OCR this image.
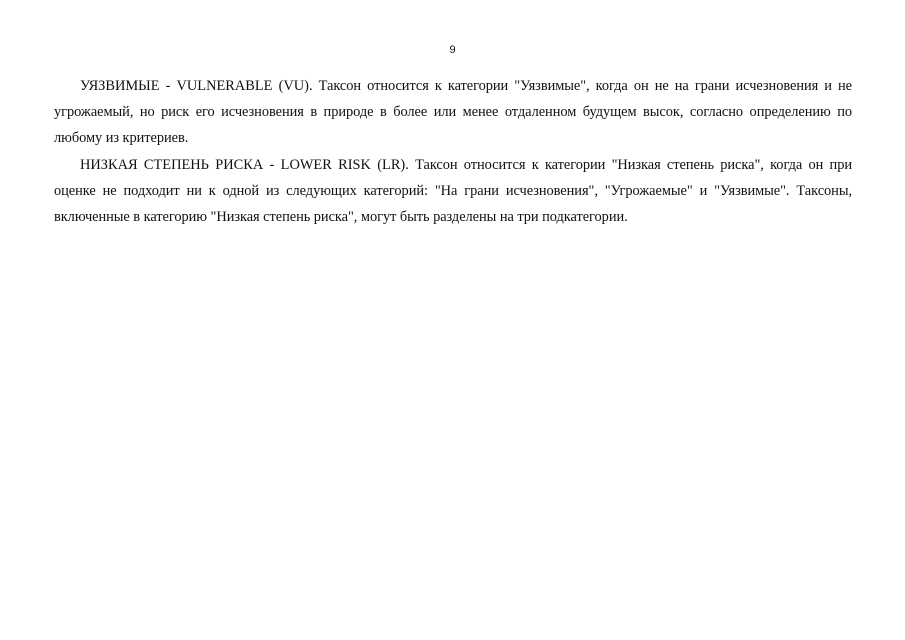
9

УЯЗВИМЫЕ - VULNERABLE (VU). Таксон относится к категории "Уязвимые", когда он не на грани исчезновения и не угрожаемый, но риск его исчезновения в природе в более или менее отдаленном будущем высок, согласно определению по любому из критериев.

НИЗКАЯ СТЕПЕНЬ РИСКА - LOWER RISK (LR). Таксон относится к категории "Низкая степень риска", когда он при оценке не подходит ни к одной из следующих категорий: "На грани исчезновения", "Угрожаемые" и "Уязвимые". Таксоны, включенные в категорию "Низкая степень риска", могут быть разделены на три подкатегории.
